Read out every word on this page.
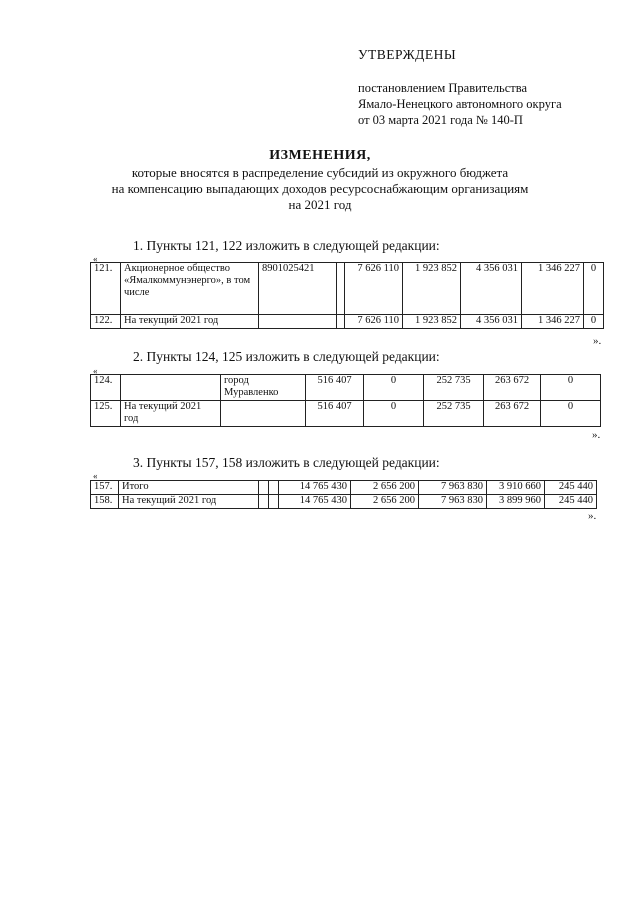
УТВЕРЖДЕНЫ
постановлением Правительства
Ямало-Ненецкого автономного округа
от 03 марта 2021 года № 140-П
ИЗМЕНЕНИЯ,
которые вносятся в распределение субсидий из окружного бюджета
на компенсацию выпадающих доходов ресурсоснабжающим организациям
на 2021 год
1. Пункты 121, 122 изложить в следующей редакции:
«
121.	Акционерное общество «Ямалкоммунэнерго», в том числе	8901025421		7 626 110	1 923 852	4 356 031	1 346 227	0
122.	На текущий 2021 год			7 626 110	1 923 852	4 356 031	1 346 227	0
».
2. Пункты 124, 125 изложить в следующей редакции:
«
124.		город Муравленко	516 407	0	252 735	263 672	0
125.	На текущий 2021 год		516 407	0	252 735	263 672	0
».
3. Пункты 157, 158 изложить в следующей редакции:
«
157.	Итого			14 765 430	2 656 200	7 963 830	3 910 660	245 440
158.	На текущий 2021 год			14 765 430	2 656 200	7 963 830	3 899 960	245 440
».
